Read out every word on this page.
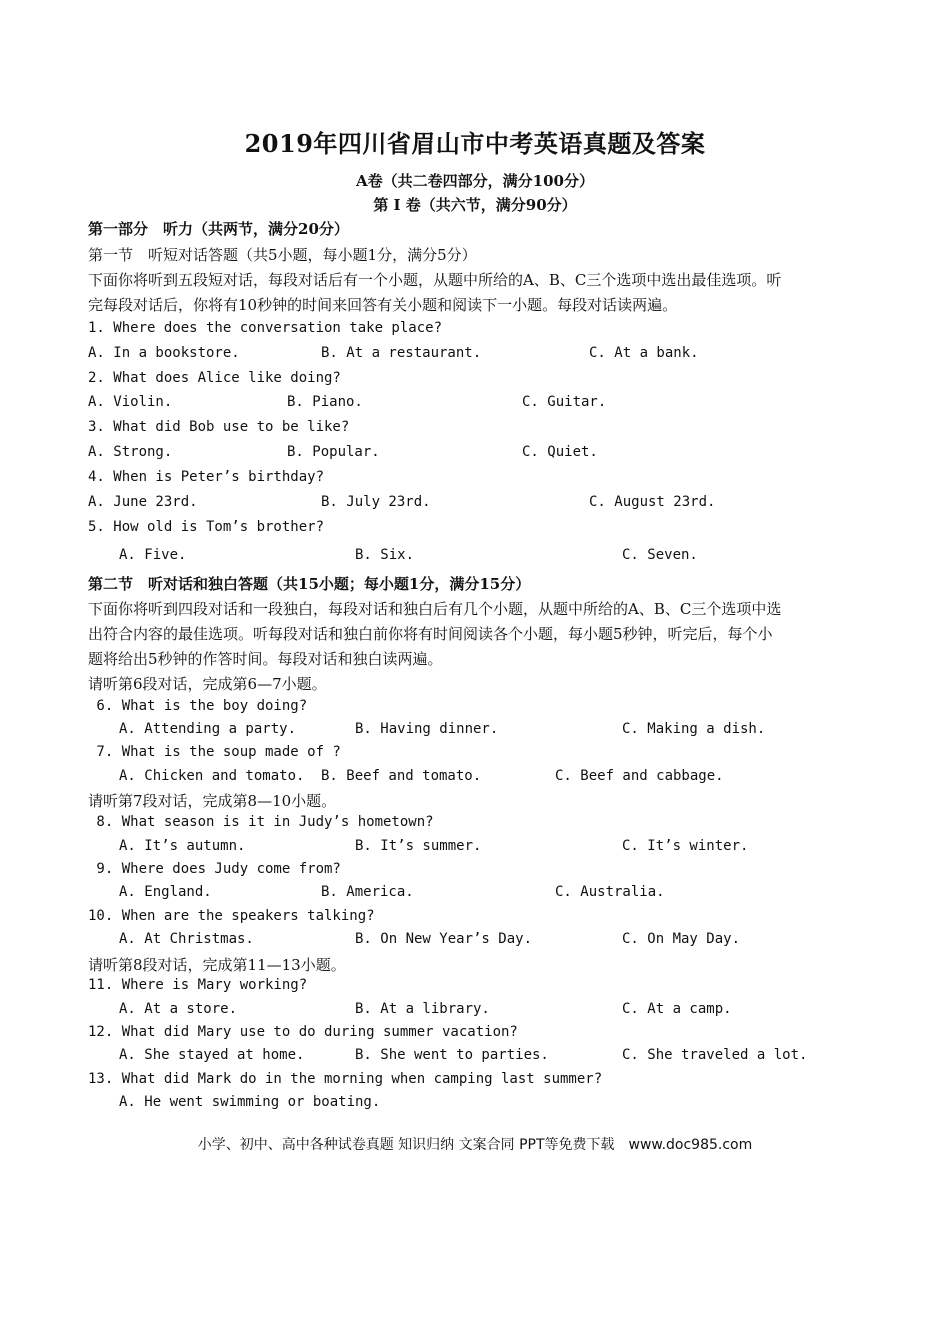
2019年四川省眉山市中考英语真题及答案
A卷（共二卷四部分，满分100分）
第 I 卷（共六节，满分90分）
第一部分　听力（共两节，满分20分）
第一节　听短对话答题（共5小题，每小题1分，满分5分）
下面你将听到五段短对话，每段对话后有一个小题，从题中所给的A、B、C三个选项中选出最佳选项。听
完每段对话后，你将有10秒钟的时间来回答有关小题和阅读下一小题。每段对话读两遍。
1. Where does the conversation take place?
A. In a bookstore.	B. At a restaurant.	C. At a bank.
2. What does Alice like doing?
A. Violin.	B. Piano.	C. Guitar.
3. What did Bob use to be like?
A. Strong.	B. Popular.	C. Quiet.
4. When is Peter’s birthday?
A. June 23rd.	B. July 23rd.	C. August 23rd.
5. How old is Tom’s brother?
A. Five.	B. Six.	C. Seven.
第二节　听对话和独白答题（共15小题；每小题1分，满分15分）
下面你将听到四段对话和一段独白，每段对话和独白后有几个小题，从题中所给的A、B、C三个选项中选
出符合内容的最佳选项。听每段对话和独白前你将有时间阅读各个小题，每小题5秒钟，听完后，每个小
题将给出5秒钟的作答时间。每段对话和独白读两遍。
请听第6段对话，完成第6—7小题。
6. What is the boy doing?
A. Attending a party.	B. Having dinner.	C. Making a dish.
7. What is the soup made of ?
A. Chicken and tomato. B. Beef and tomato.	C. Beef and cabbage.
请听第7段对话，完成第8—10小题。
8. What season is it in Judy’s hometown?
A. It’s autumn.	B. It’s summer.	C. It’s winter.
9. Where does Judy come from?
A. England.	B. America.	C. Australia.
10. When are the speakers talking?
A. At Christmas.	B. On New Year’s Day.	C. On May Day.
请听第8段对话，完成第11—13小题。
11. Where is Mary working?
A. At a store.	B. At a library.	C. At a camp.
12. What did Mary use to do during summer vacation?
A. She stayed at home.	B. She went to parties.	C. She traveled a lot.
13. What did Mark do in the morning when camping last summer?
A. He went swimming or boating.
小学、初中、高中各种试卷真题 知识归纳 文案合同 PPT等免费下载　www.doc985.com
